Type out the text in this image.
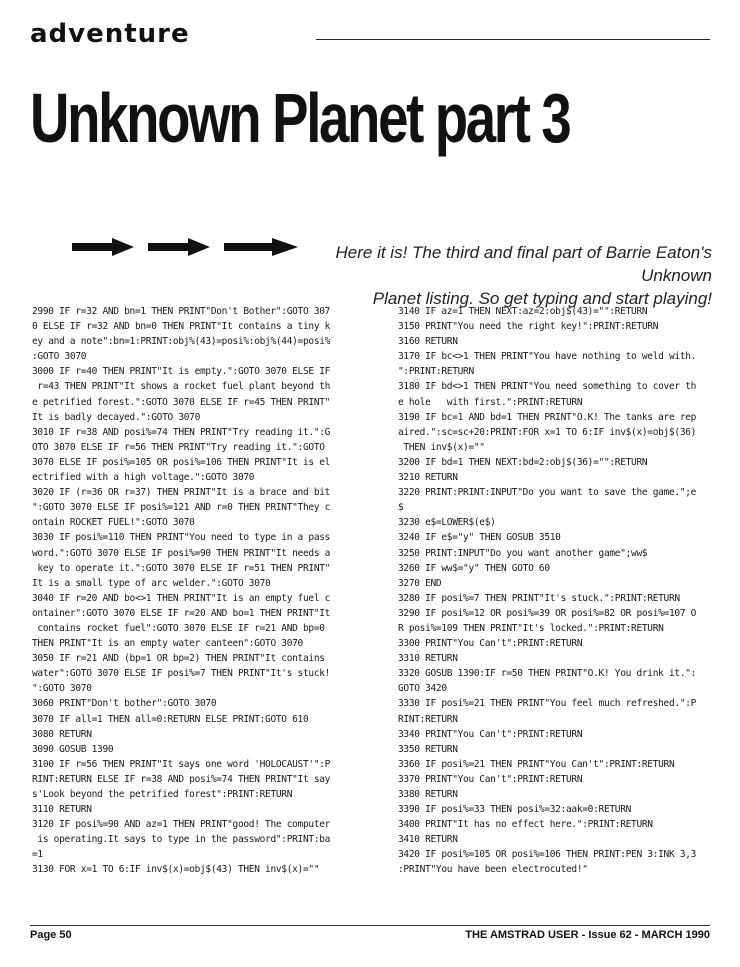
adventure
Unknown Planet part 3
Here it is! The third and final part of Barrie Eaton's Unknown
Planet listing. So get typing and start playing!
2990 IF r=32 AND bn=1 THEN PRINT"Don't Bother":GOTO 307
0 ELSE IF r=32 AND bn=0 THEN PRINT"It contains a tiny k
ey and a note":bn=1:PRINT:obj%(43)=posi%:obj%(44)=posi%
:GOTO 3070
3000 IF r=40 THEN PRINT"It is empty.":GOTO 3070 ELSE IF
r=43 THEN PRINT"It shows a rocket fuel plant beyond th
e petrified forest.":GOTO 3070 ELSE IF r=45 THEN PRINT"
It is badly decayed.":GOTO 3070
3010 IF r=38 AND posi%=74 THEN PRINT"Try reading it.":G
OTO 3070 ELSE IF r=56 THEN PRINT"Try reading it.":GOTO
3070 ELSE IF posi%=105 OR posi%=106 THEN PRINT"It is el
ectrified with a high voltage.":GOTO 3070
3020 IF (r=36 OR r=37) THEN PRINT"It is a brace and bit
":GOTO 3070 ELSE IF posi%=121 AND r=0 THEN PRINT"They c
ontain ROCKET FUEL!":GOTO 3070
3030 IF posi%=110 THEN PRINT"You need to type in a pass
word.":GOTO 3070 ELSE IF posi%=90 THEN PRINT"It needs a
key to operate it.":GOTO 3070 ELSE IF r=51 THEN PRINT"
It is a small type of arc welder.":GOTO 3070
3040 IF r=20 AND bo<>1 THEN PRINT"It is an empty fuel c
ontainer":GOTO 3070 ELSE IF r=20 AND bo=1 THEN PRINT"It
contains rocket fuel":GOTO 3070 ELSE IF r=21 AND bp=0
THEN PRINT"It is an empty water canteen":GOTO 3070
3050 IF r=21 AND (bp=1 OR bp=2) THEN PRINT"It contains
water":GOTO 3070 ELSE IF posi%=7 THEN PRINT"It's stuck!
":GOTO 3070
3060 PRINT"Don't bother":GOTO 3070
3070 IF all=1 THEN all=0:RETURN ELSE PRINT:GOTO 610
3080 RETURN
3090 GOSUB 1390
3100 IF r=56 THEN PRINT"It says one word 'HOLOCAUST'":P
RINT:RETURN ELSE IF r=38 AND posi%=74 THEN PRINT"It say
s'Look beyond the petrified forest":PRINT:RETURN
3110 RETURN
3120 IF posi%=90 AND az=1 THEN PRINT"good! The computer
is operating.It says to type in the password":PRINT:ba
=1
3130 FOR x=1 TO 6:IF inv$(x)=obj$(43) THEN inv$(x)=""
3140 IF az=1 THEN NEXT:az=2:obj$(43)="":RETURN
3150 PRINT"You need the right key!":PRINT:RETURN
3160 RETURN
3170 IF bc<>1 THEN PRINT"You have nothing to weld with.
":PRINT:RETURN
3180 IF bd<>1 THEN PRINT"You need something to cover th
e hole   with first.":PRINT:RETURN
3190 IF bc=1 AND bd=1 THEN PRINT"O.K! The tanks are rep
aired.":sc=sc+20:PRINT:FOR x=1 TO 6:IF inv$(x)=obj$(36)
THEN inv$(x)=""
3200 IF bd=1 THEN NEXT:bd=2:obj$(36)="":RETURN
3210 RETURN
3220 PRINT:PRINT:INPUT"Do you want to save the game.";e
$
3230 e$=LOWER$(e$)
3240 IF e$="y" THEN GOSUB 3510
3250 PRINT:INPUT"Do you want another game";ww$
3260 IF ww$="y" THEN GOTO 60
3270 END
3280 IF posi%=7 THEN PRINT"It's stuck.":PRINT:RETURN
3290 IF posi%=12 OR posi%=39 OR posi%=82 OR posi%=107 O
R posi%=109 THEN PRINT"It's locked.":PRINT:RETURN
3300 PRINT"You Can't":PRINT:RETURN
3310 RETURN
3320 GOSUB 1390:IF r=50 THEN PRINT"O.K! You drink it.":
GOTO 3420
3330 IF posi%=21 THEN PRINT"You feel much refreshed.":P
RINT:RETURN
3340 PRINT"You Can't":PRINT:RETURN
3350 RETURN
3360 IF posi%=21 THEN PRINT"You Can't":PRINT:RETURN
3370 PRINT"You Can't":PRINT:RETURN
3380 RETURN
3390 IF posi%=33 THEN posi%=32:aak=0:RETURN
3400 PRINT"It has no effect here.":PRINT:RETURN
3410 RETURN
3420 IF posi%=105 OR posi%=106 THEN PRINT:PEN 3:INK 3,3
:PRINT"You have been electrocuted!"
Page 50	THE AMSTRAD USER - Issue 62 - MARCH 1990
